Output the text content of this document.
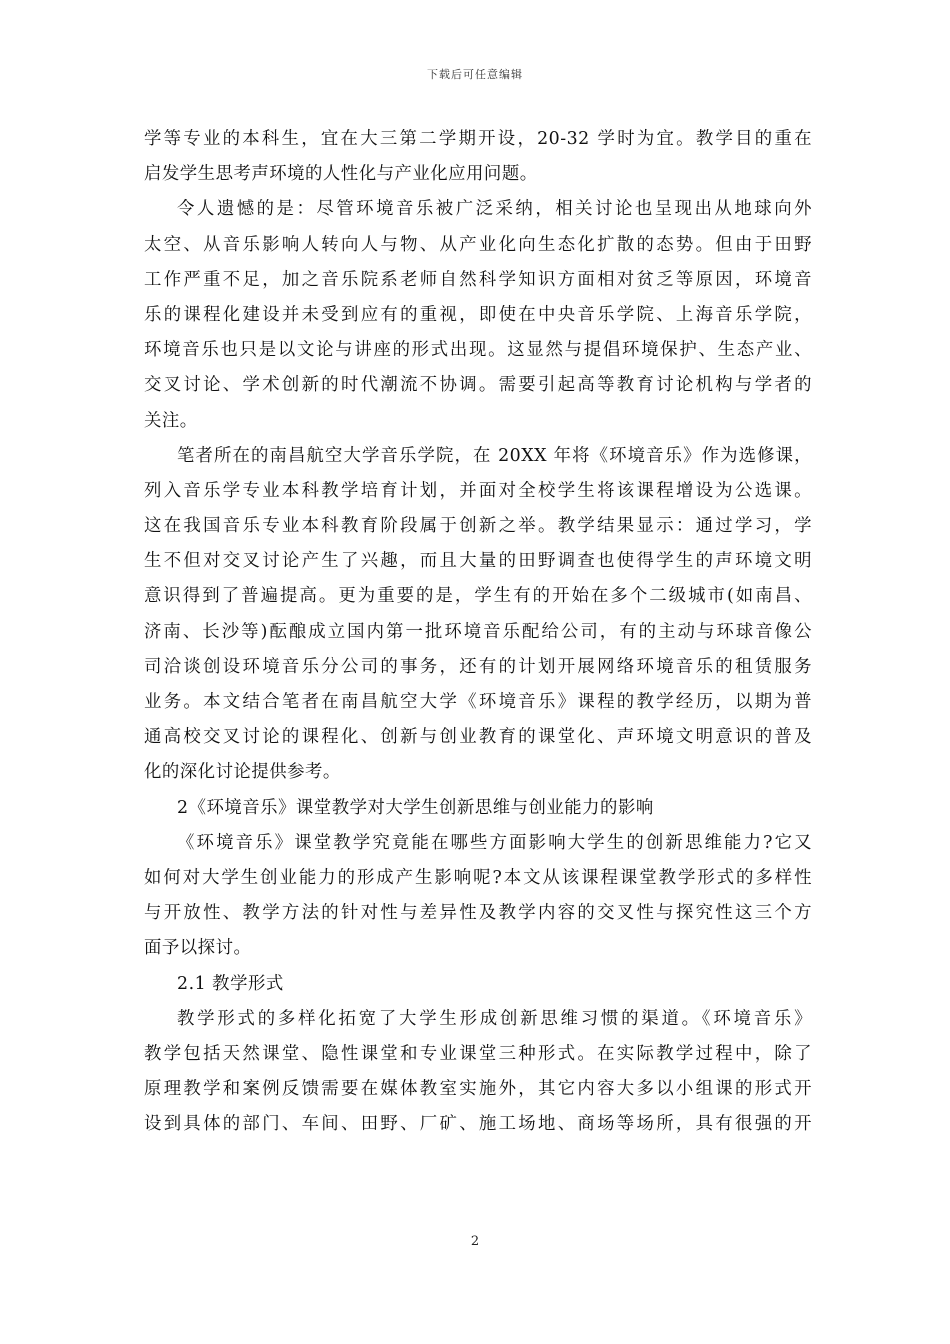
下载后可任意编辑
学等专业的本科生，宜在大三第二学期开设，20-32 学时为宜。教学目的重在
启发学生思考声环境的人性化与产业化应用问题。
令人遗憾的是：尽管环境音乐被广泛采纳，相关讨论也呈现出从地球向外
太空、从音乐影响人转向人与物、从产业化向生态化扩散的态势。但由于田野
工作严重不足，加之音乐院系老师自然科学知识方面相对贫乏等原因，环境音
乐的课程化建设并未受到应有的重视，即使在中央音乐学院、上海音乐学院，
环境音乐也只是以文论与讲座的形式出现。这显然与提倡环境保护、生态产业、
交叉讨论、学术创新的时代潮流不协调。需要引起高等教育讨论机构与学者的
关注。
笔者所在的南昌航空大学音乐学院，在 20XX 年将《环境音乐》作为选修课，
列入音乐学专业本科教学培育计划，并面对全校学生将该课程增设为公选课。
这在我国音乐专业本科教育阶段属于创新之举。教学结果显示：通过学习，学
生不但对交叉讨论产生了兴趣，而且大量的田野调查也使得学生的声环境文明
意识得到了普遍提高。更为重要的是，学生有的开始在多个二级城市(如南昌、
济南、长沙等)酝酿成立国内第一批环境音乐配给公司，有的主动与环球音像公
司洽谈创设环境音乐分公司的事务，还有的计划开展网络环境音乐的租赁服务
业务。本文结合笔者在南昌航空大学《环境音乐》课程的教学经历，以期为普
通高校交叉讨论的课程化、创新与创业教育的课堂化、声环境文明意识的普及
化的深化讨论提供参考。
2《环境音乐》课堂教学对大学生创新思维与创业能力的影响
《环境音乐》课堂教学究竟能在哪些方面影响大学生的创新思维能力?它又
如何对大学生创业能力的形成产生影响呢?本文从该课程课堂教学形式的多样性
与开放性、教学方法的针对性与差异性及教学内容的交叉性与探究性这三个方
面予以探讨。
2.1 教学形式
教学形式的多样化拓宽了大学生形成创新思维习惯的渠道。《环境音乐》
教学包括天然课堂、隐性课堂和专业课堂三种形式。在实际教学过程中，除了
原理教学和案例反馈需要在媒体教室实施外，其它内容大多以小组课的形式开
设到具体的部门、车间、田野、厂矿、施工场地、商场等场所，具有很强的开
2
